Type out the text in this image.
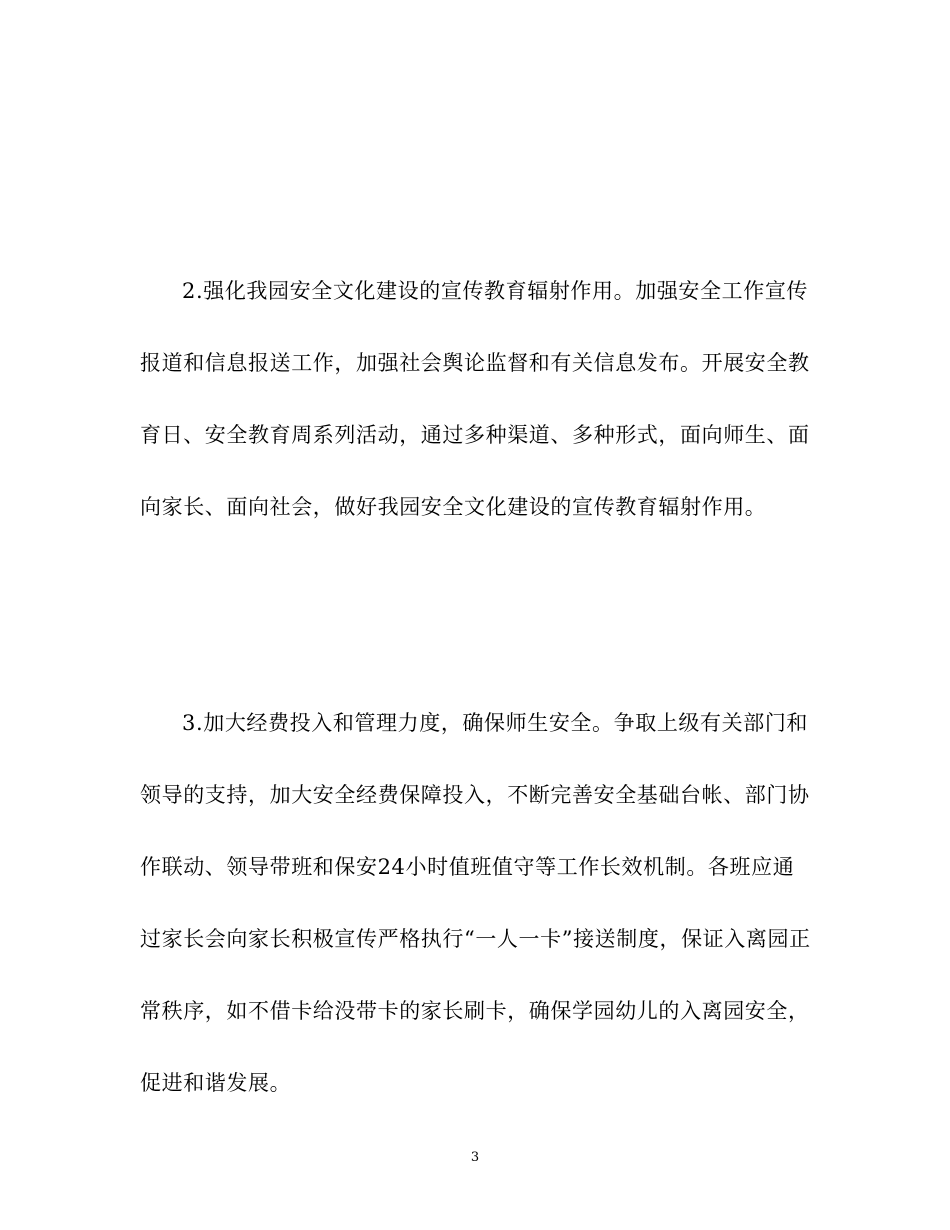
2.强化我园安全文化建设的宣传教育辐射作用。加强安全工作宣传
报道和信息报送工作，加强社会舆论监督和有关信息发布。开展安全教
育日、安全教育周系列活动，通过多种渠道、多种形式，面向师生、面
向家长、面向社会，做好我园安全文化建设的宣传教育辐射作用。
3.加大经费投入和管理力度，确保师生安全。争取上级有关部门和
领导的支持，加大安全经费保障投入，不断完善安全基础台帐、部门协
作联动、领导带班和保安24小时值班值守等工作长效机制。各班应通
过家长会向家长积极宣传严格执行“一人一卡”接送制度，保证入离园正
常秩序，如不借卡给没带卡的家长刷卡，确保学园幼儿的入离园安全，
促进和谐发展。
3
